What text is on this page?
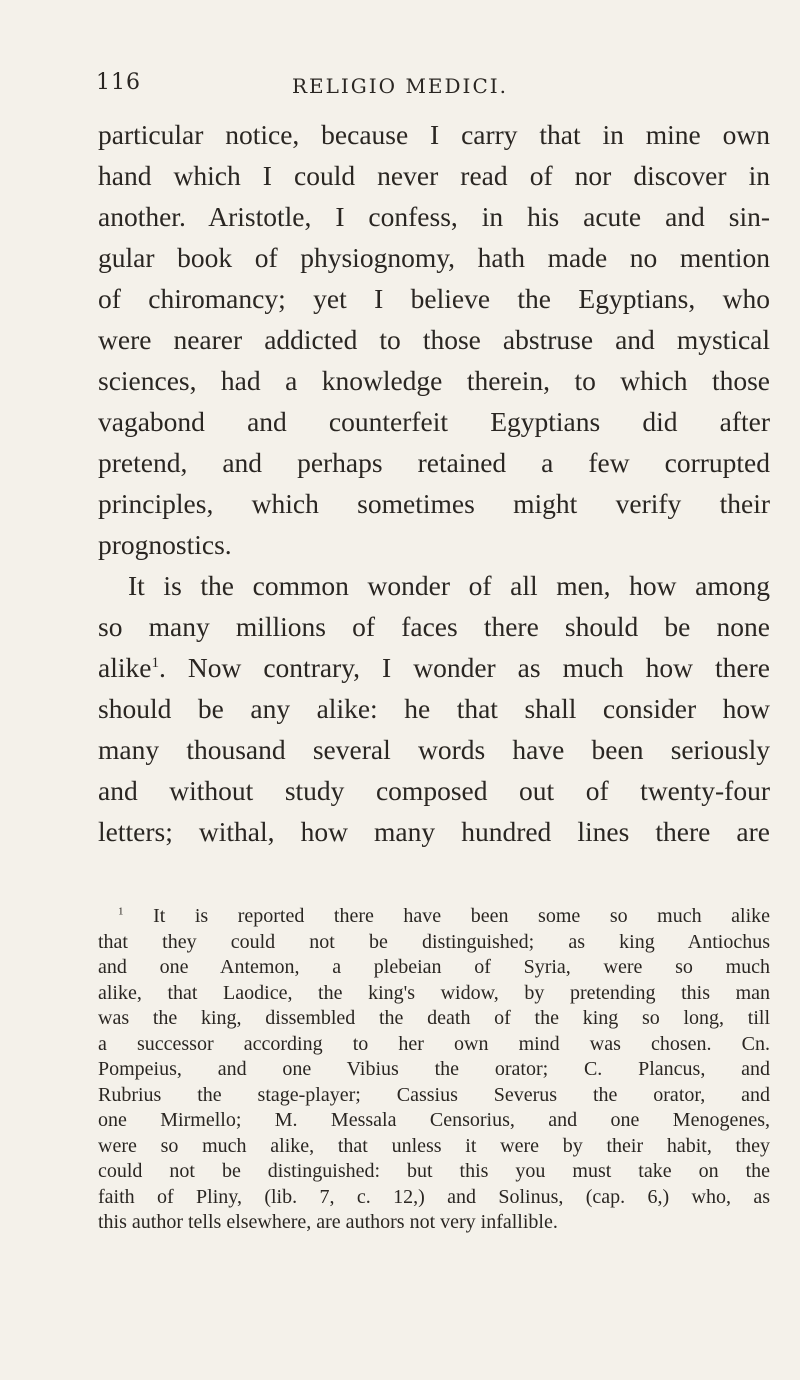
116	RELIGIO MEDICI.
particular notice, because I carry that in mine own
hand which I could never read of nor discover in
another. Aristotle, I confess, in his acute and sin-
gular book of physiognomy, hath made no mention
of chiromancy; yet I believe the Egyptians, who
were nearer addicted to those abstruse and mystical
sciences, had a knowledge therein, to which those
vagabond and counterfeit Egyptians did after
pretend, and perhaps retained a few corrupted
principles, which sometimes might verify their
prognostics.
It is the common wonder of all men, how among
so many millions of faces there should be none
alike$^1$. Now contrary, I wonder as much how there
should be any alike: he that shall consider how
many thousand several words have been seriously
and without study composed out of twenty-four
letters; withal, how many hundred lines there are
$^1$ It is reported there have been some so much alike
that they could not be distinguished; as king Antiochus
and one Antemon, a plebeian of Syria, were so much
alike, that Laodice, the king's widow, by pretending this man
was the king, dissembled the death of the king so long, till
a successor according to her own mind was chosen. Cn.
Pompeius, and one Vibius the orator; C. Plancus, and
Rubrius the stage-player; Cassius Severus the orator, and
one Mirmello; M. Messala Censorius, and one Menogenes,
were so much alike, that unless it were by their habit, they
could not be distinguished: but this you must take on the
faith of Pliny, (lib. 7, c. 12,) and Solinus, (cap. 6,) who, as
this author tells elsewhere, are authors not very infallible.
